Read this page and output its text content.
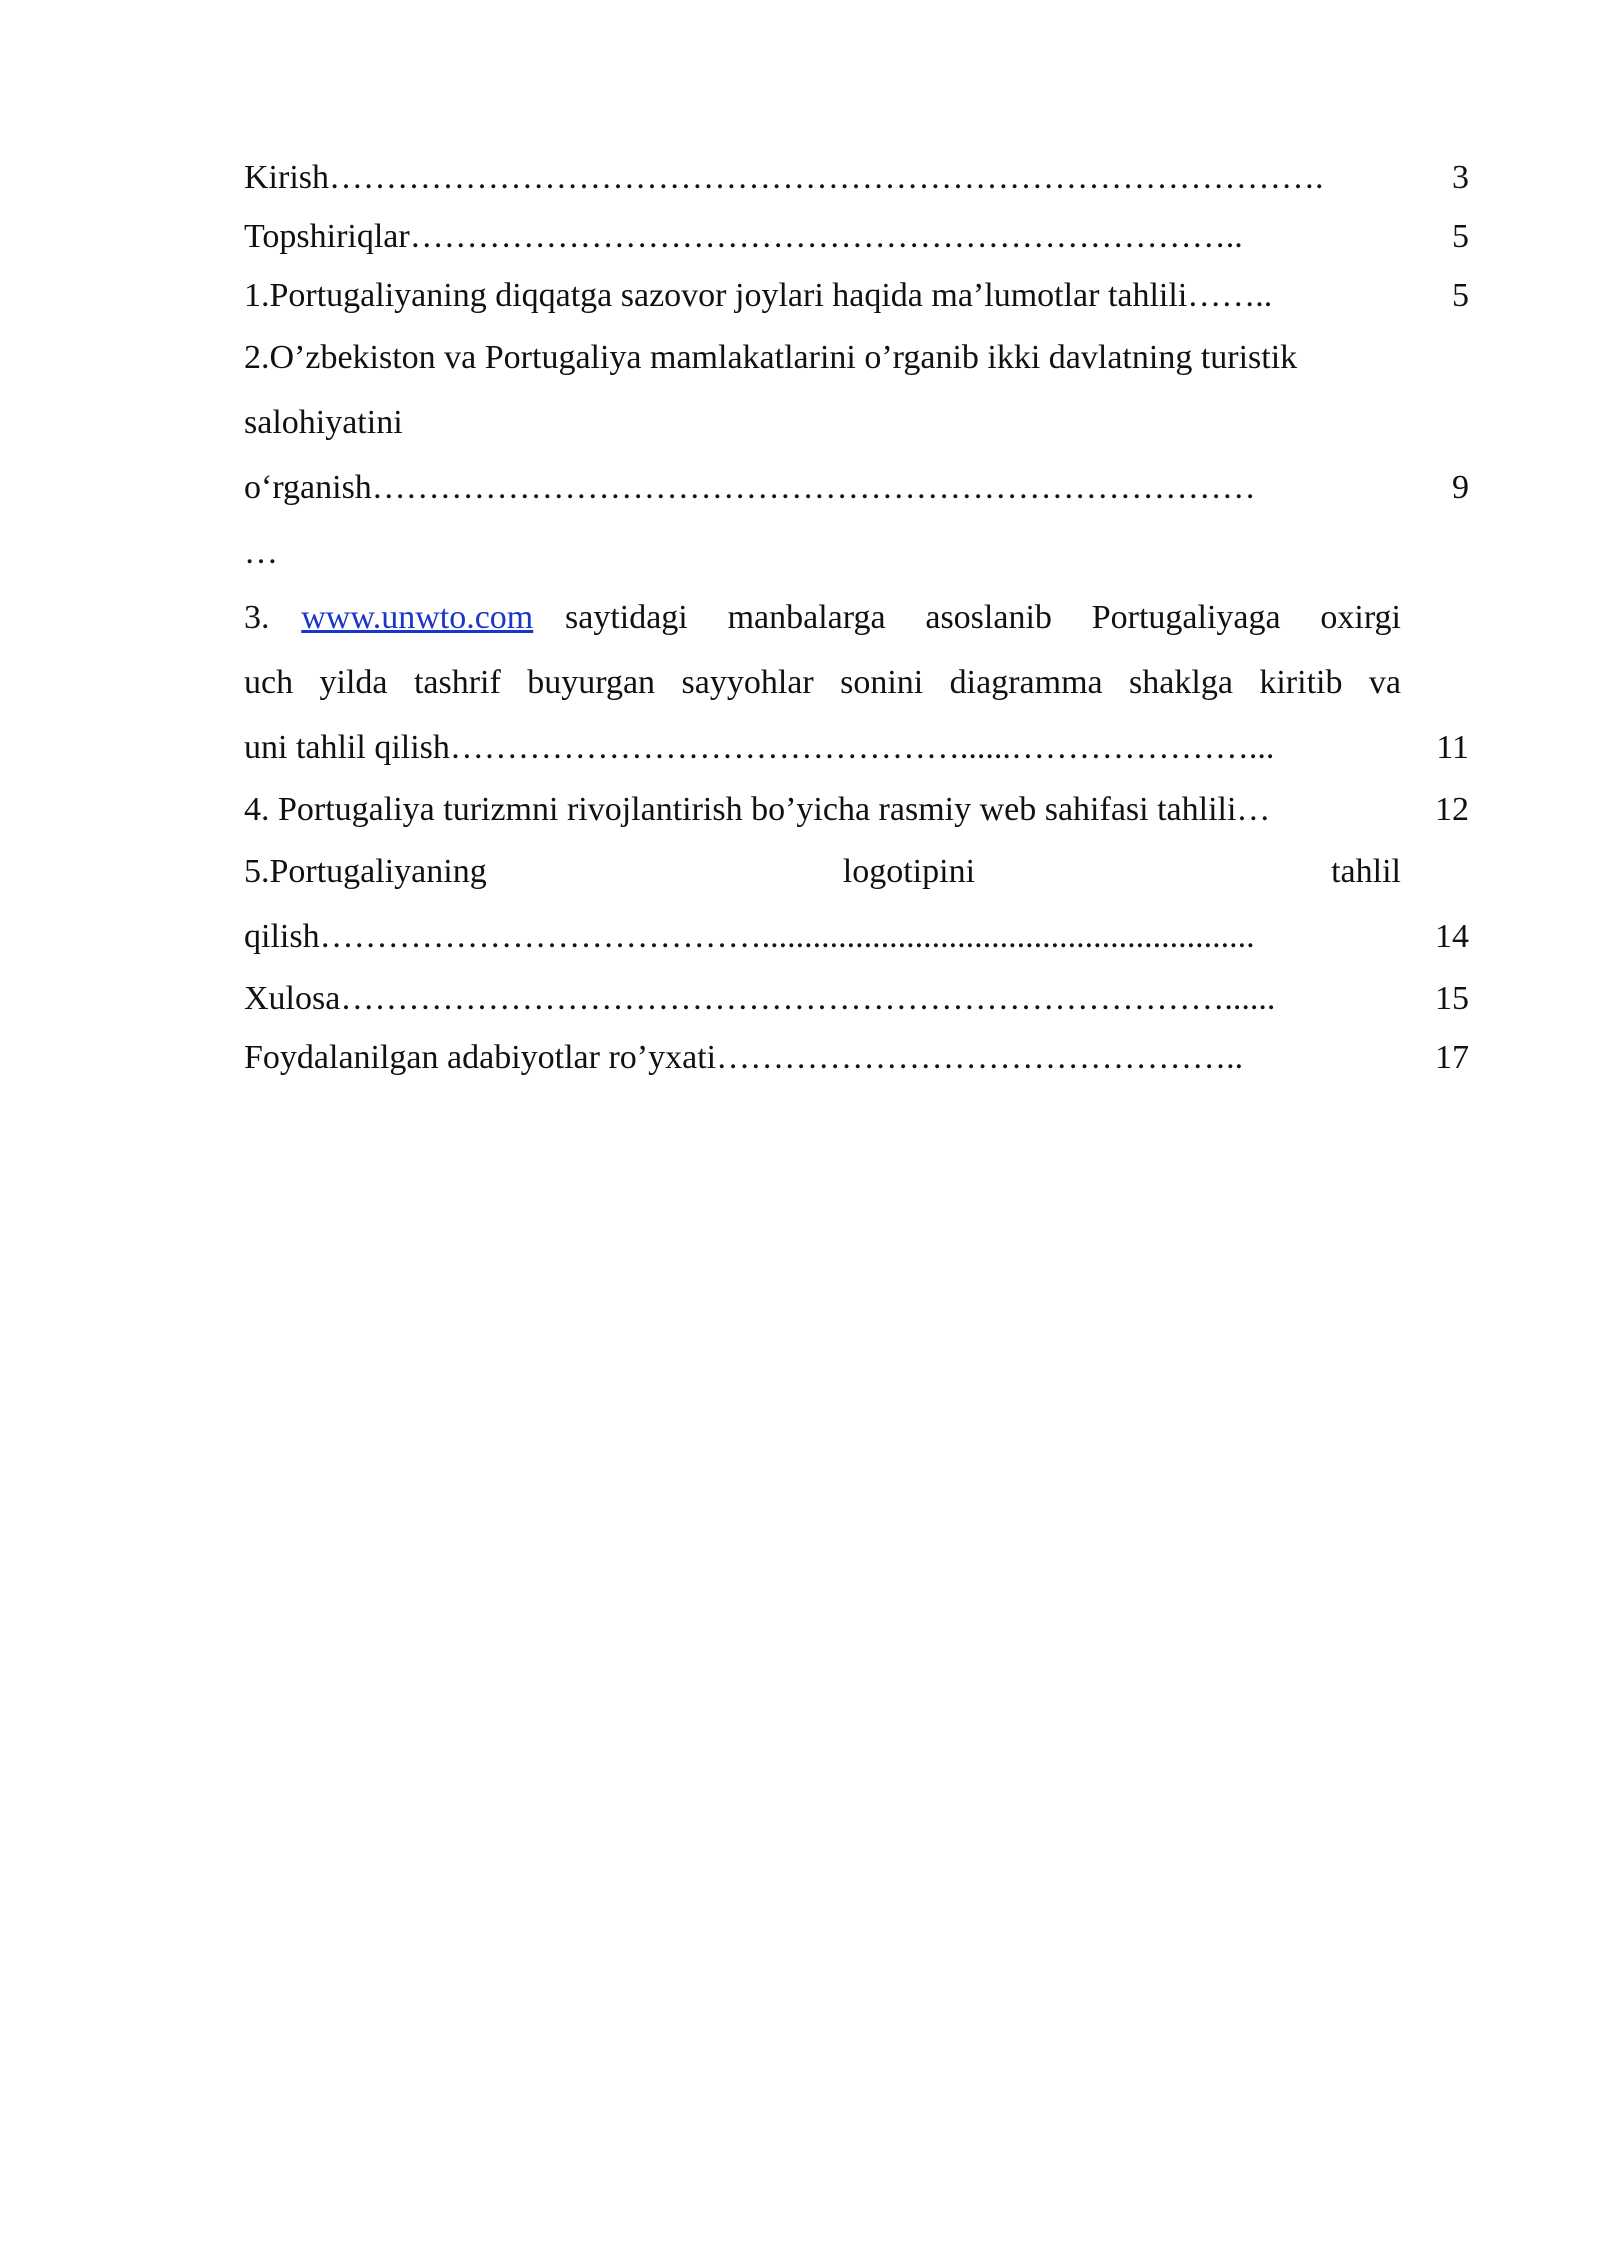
Kirish…………………………………………………………………………….	3
Topshiriqlar………………………………………………………………..	5
1.Portugaliyaning diqqatga sazovor joylari haqida ma’lumotlar tahlili……..	5
2.O’zbekiston va Portugaliya mamlakatlarini o’rganib ikki davlatning turistik
salohiyatini
o‘rganish……………………………………………………………………	9
…
3. www.unwto.com saytidagi manbalarga asoslanib Portugaliyaga oxirgi
uch yilda tashrif buyurgan sayyohlar sonini diagramma shaklga kiritib va
uni tahlil qilish………………………………………......…………………...	11
4. Portugaliya turizmni rivojlantirish bo’yicha rasmiy web sahifasi tahlili…	12
5.Portugaliyaning	logotipini	tahlil
qilish…………………………………..........................................................	14
Xulosa……………………………………………………………………......	15
Foydalanilgan adabiyotlar ro’yxati………………………………………..	17
